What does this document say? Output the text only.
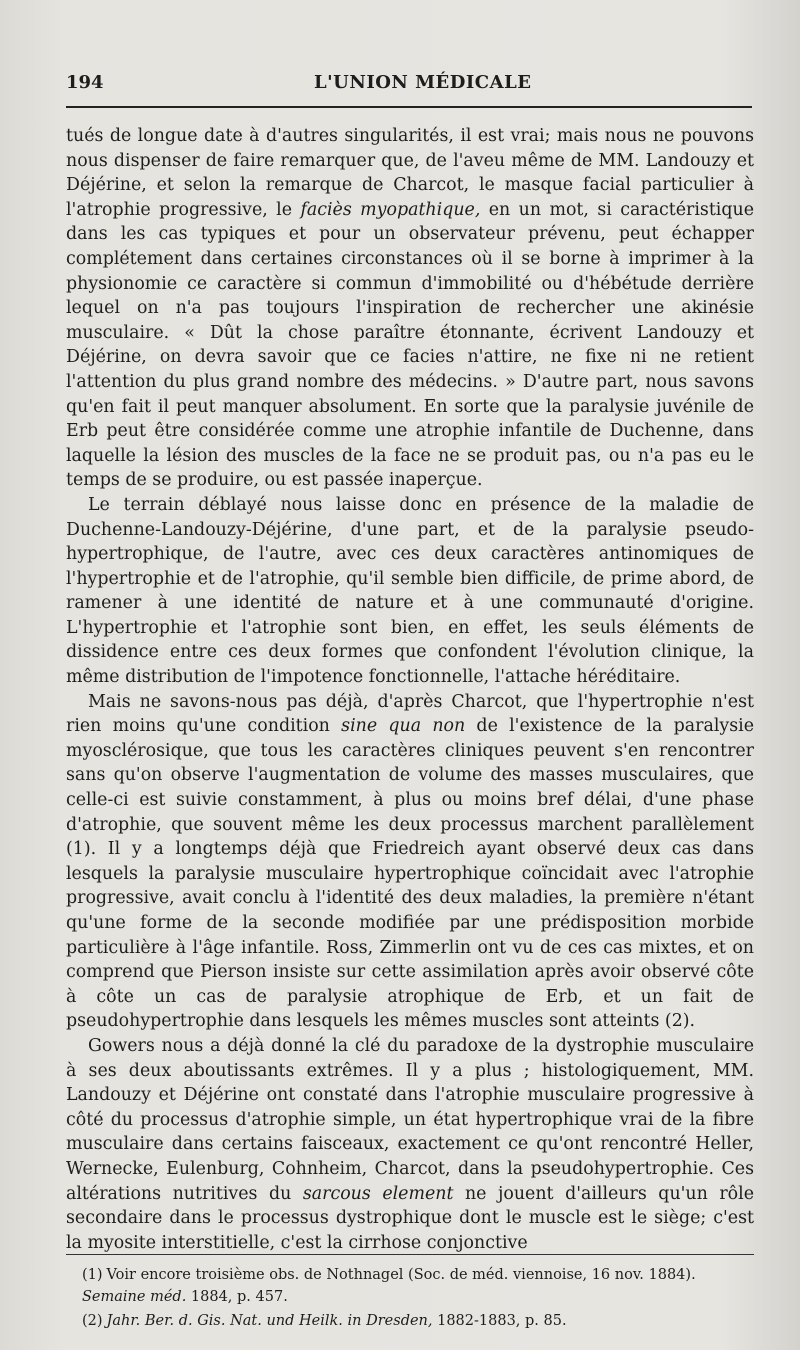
194	L'UNION MÉDICALE

tués de longue date à d'autres singularités, il est vrai; mais nous ne pouvons nous dispenser de faire remarquer que, de l'aveu même de MM. Landouzy et Déjérine, et selon la remarque de Charcot, le masque facial particulier à l'atrophie progressive, le faciès myopathique, en un mot, si caractéristique dans les cas typiques et pour un observateur prévenu, peut échapper complétement dans certaines circonstances où il se borne à imprimer à la physionomie ce caractère si commun d'immobilité ou d'hébétude derrière lequel on n'a pas toujours l'inspiration de rechercher une akinésie musculaire. « Dût la chose paraître étonnante, écrivent Landouzy et Déjérine, on devra savoir que ce facies n'attire, ne fixe ni ne retient l'attention du plus grand nombre des médecins. » D'autre part, nous savons qu'en fait il peut manquer absolument. En sorte que la paralysie juvénile de Erb peut être considérée comme une atrophie infantile de Duchenne, dans laquelle la lésion des muscles de la face ne se produit pas, ou n'a pas eu le temps de se produire, ou est passée inaperçue.

Le terrain déblayé nous laisse donc en présence de la maladie de Duchenne-Landouzy-Déjérine, d'une part, et de la paralysie pseudo-hypertrophique, de l'autre, avec ces deux caractères antinomiques de l'hypertrophie et de l'atrophie, qu'il semble bien difficile, de prime abord, de ramener à une identité de nature et à une communauté d'origine. L'hypertrophie et l'atrophie sont bien, en effet, les seuls éléments de dissidence entre ces deux formes que confondent l'évolution clinique, la même distribution de l'impotence fonctionnelle, l'attache héréditaire.

Mais ne savons-nous pas déjà, d'après Charcot, que l'hypertrophie n'est rien moins qu'une condition sine qua non de l'existence de la paralysie myosclérosique, que tous les caractères cliniques peuvent s'en rencontrer sans qu'on observe l'augmentation de volume des masses musculaires, que celle-ci est suivie constamment, à plus ou moins bref délai, d'une phase d'atrophie, que souvent même les deux processus marchent parallèlement (1). Il y a longtemps déjà que Friedreich ayant observé deux cas dans lesquels la paralysie musculaire hypertrophique coïncidait avec l'atrophie progressive, avait conclu à l'identité des deux maladies, la première n'étant qu'une forme de la seconde modifiée par une prédisposition morbide particulière à l'âge infantile. Ross, Zimmerlin ont vu de ces cas mixtes, et on comprend que Pierson insiste sur cette assimilation après avoir observé côte à côte un cas de paralysie atrophique de Erb, et un fait de pseudohypertrophie dans lesquels les mêmes muscles sont atteints (2).

Gowers nous a déjà donné la clé du paradoxe de la dystrophie musculaire à ses deux aboutissants extrêmes. Il y a plus ; histologiquement, MM. Landouzy et Déjérine ont constaté dans l'atrophie musculaire progressive à côté du processus d'atrophie simple, un état hypertrophique vrai de la fibre musculaire dans certains faisceaux, exactement ce qu'ont rencontré Heller, Wernecke, Eulenburg, Cohnheim, Charcot, dans la pseudohypertrophie. Ces altérations nutritives du sarcous element ne jouent d'ailleurs qu'un rôle secondaire dans le processus dystrophique dont le muscle est le siège; c'est la myosite interstitielle, c'est la cirrhose conjonctive

(1) Voir encore troisième obs. de Nothnagel (Soc. de méd. viennoise, 16 nov. 1884). Semaine méd. 1884, p. 457.

(2) Jahr. Ber. d. Gis. Nat. und Heilk. in Dresden, 1882-1883, p. 85.
